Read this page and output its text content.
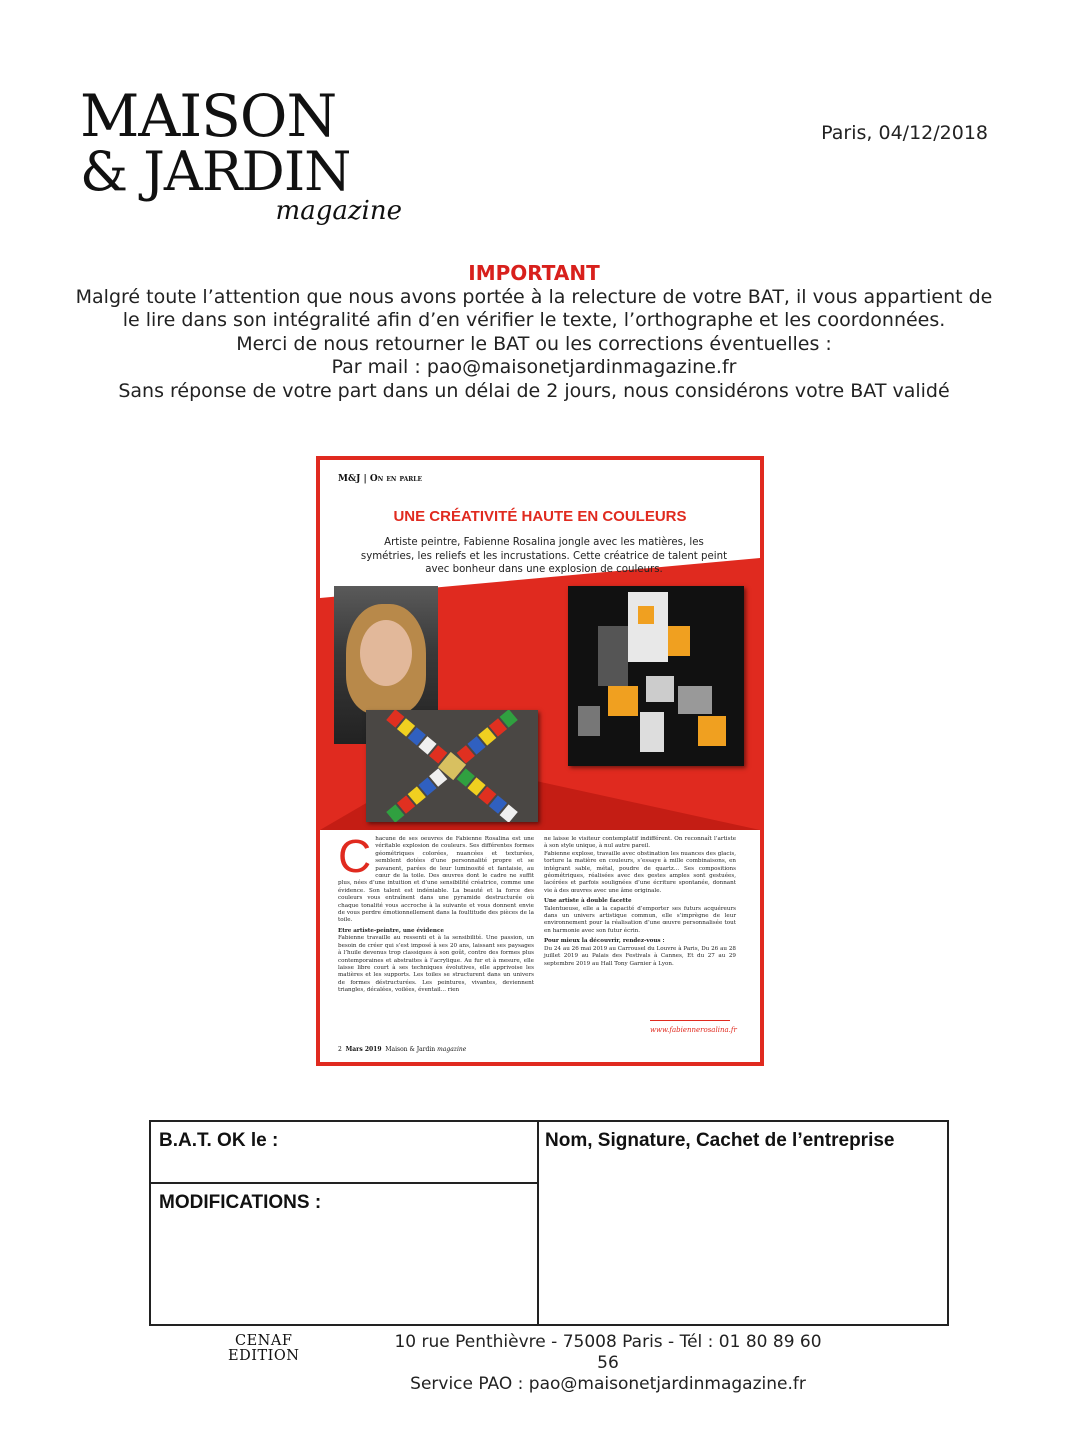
MAISON
& JARDIN
magazine
Paris, 04/12/2018
IMPORTANT
Malgré toute l’attention que nous avons portée à la relecture de votre BAT, il vous appartient de
le lire dans son intégralité afin d’en vérifier le texte, l’orthographe et les coordonnées.
Merci de nous retourner le BAT ou les corrections éventuelles :
Par mail : pao@maisonetjardinmagazine.fr
Sans réponse de votre part dans un délai de 2 jours, nous considérons votre BAT validé
M&J | On en parle
UNE CRÉATIVITÉ HAUTE EN COULEURS
Artiste peintre, Fabienne Rosalina jongle avec les matières, les symétries, les reliefs et les incrustations. Cette créatrice de talent peint avec bonheur dans une explosion de couleurs.
C hacune de ses oeuvres de Fabienne Rosalina est une véritable explosion de couleurs. Ses différentes formes géométriques colorées, nuancées et texturées, semblent dotées d’une personnalité propre et se pavanent, parées de leur luminosité et fantaisie, au cœur de la toile. Des œuvres dont le cadre ne suffit plus, nées d’une intuition et d’une sensibilité créatrice, comme une évidence. Son talent est indéniable. La beauté et la force des couleurs vous entraînent dans une pyramide destructurée où chaque tonalité vous accroche à la suivante et vous donnent envie de vous perdre émotionnellement dans la foultitude des pièces de la toile.
Etre artiste-peintre, une évidence
Fabienne travaille au ressenti et à la sensibilité. Une passion, un besoin de créer qui s’est imposé à ses 20 ans, laissant ses paysages à l’huile devenus trop classiques à son goût, contre des formes plus contemporaines et abstraites à l’acrylique. Au fur et à mesure, elle laisse libre court à ses techniques évolutives, elle apprivoise les matières et les supports. Les toiles se structurent dans un univers de formes déstructurées. Les peintures, vivantes, deviennent triangles, décalées, voilées, éventail... rien
ne laisse le visiteur contemplatif indifférent. On reconnaît l’artiste à son style unique, à nul autre pareil.
Fabienne explose, travaille avec obstination les nuances des glacis, torture la matière en couleurs, s’essaye à mille combinaisons, en intégrant sable, métal, poudre de quartz... Ses compositions géométriques, réalisées avec des gestes amples sont gestuées, lacérées et parfois soulignées d’une écriture spontanée, donnant vie à des œuvres avec une âme originale.
Une artiste à double facette
Talentueuse, elle a la capacité d’emporter ses futurs acquéreurs dans un univers artistique commun, elle s’imprègne de leur environnement pour la réalisation d’une œuvre personnalisée tout en harmonie avec son futur écrin.
Pour mieux la découvrir, rendez-vous :
Du 24 au 26 mai 2019 au Carrousel du Louvre à Paris, Du 26 au 28 juillet 2019 au Palais des Festivals à Cannes, Et du 27 au 29 septembre 2019 au Hall Tony Garnier à Lyon.
www.fabiennerosalina.fr
2 Mars 2019 Maison & Jardin magazine
B.A.T. OK le :	Nom, Signature, Cachet de l’entreprise
MODIFICATIONS :
CENAF
EDITION
10 rue Penthièvre - 75008 Paris - Tél : 01 80 89 60 56
Service PAO : pao@maisonetjardinmagazine.fr
